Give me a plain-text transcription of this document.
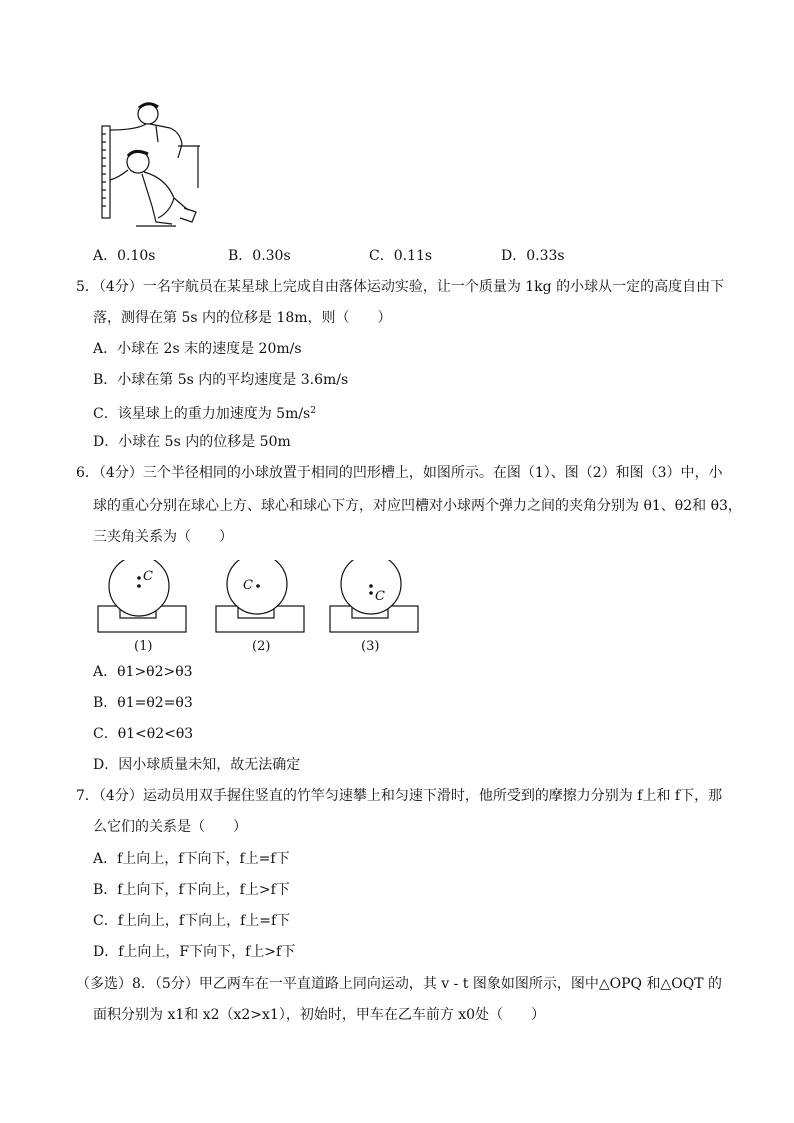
A．0.10s	B．0.30s	C．0.11s	D．0.33s
5．（4分）一名宇航员在某星球上完成自由落体运动实验，让一个质量为 1kg 的小球从一定的高度自由下
落，测得在第 5s 内的位移是 18m，则（　　）
A．小球在 2s 末的速度是 20m/s
B．小球在第 5s 内的平均速度是 3.6m/s
C．该星球上的重力加速度为 $5m/s^2$
D．小球在 5s 内的位移是 50m
6．（4分）三个半径相同的小球放置于相同的凹形槽上，如图所示。在图（1）、图（2）和图（3）中，小
球的重心分别在球心上方、球心和球心下方，对应凹槽对小球两个弹力之间的夹角分别为 θ1、θ2和 θ3，
三夹角关系为（　　）
C
(1)
C
(2)
C
(3)
A．θ1>θ2>θ3
B．θ1=θ2=θ3
C．θ1<θ2<θ3
D．因小球质量未知，故无法确定
7．（4分）运动员用双手握住竖直的竹竿匀速攀上和匀速下滑时，他所受到的摩擦力分别为 f上和 f下，那
么它们的关系是（　　）
A．f上向上，f下向下，f上=f下
B．f上向下，f下向上，f上>f下
C．f上向上，f下向上，f上=f下
D．f上向上，F下向下，f上>f下
（多选）8．（5分）甲乙两车在一平直道路上同向运动，其 v - t 图象如图所示，图中△OPQ 和△OQT 的
面积分别为 x1和 x2（x2>x1），初始时，甲车在乙车前方 x0处（　　）
